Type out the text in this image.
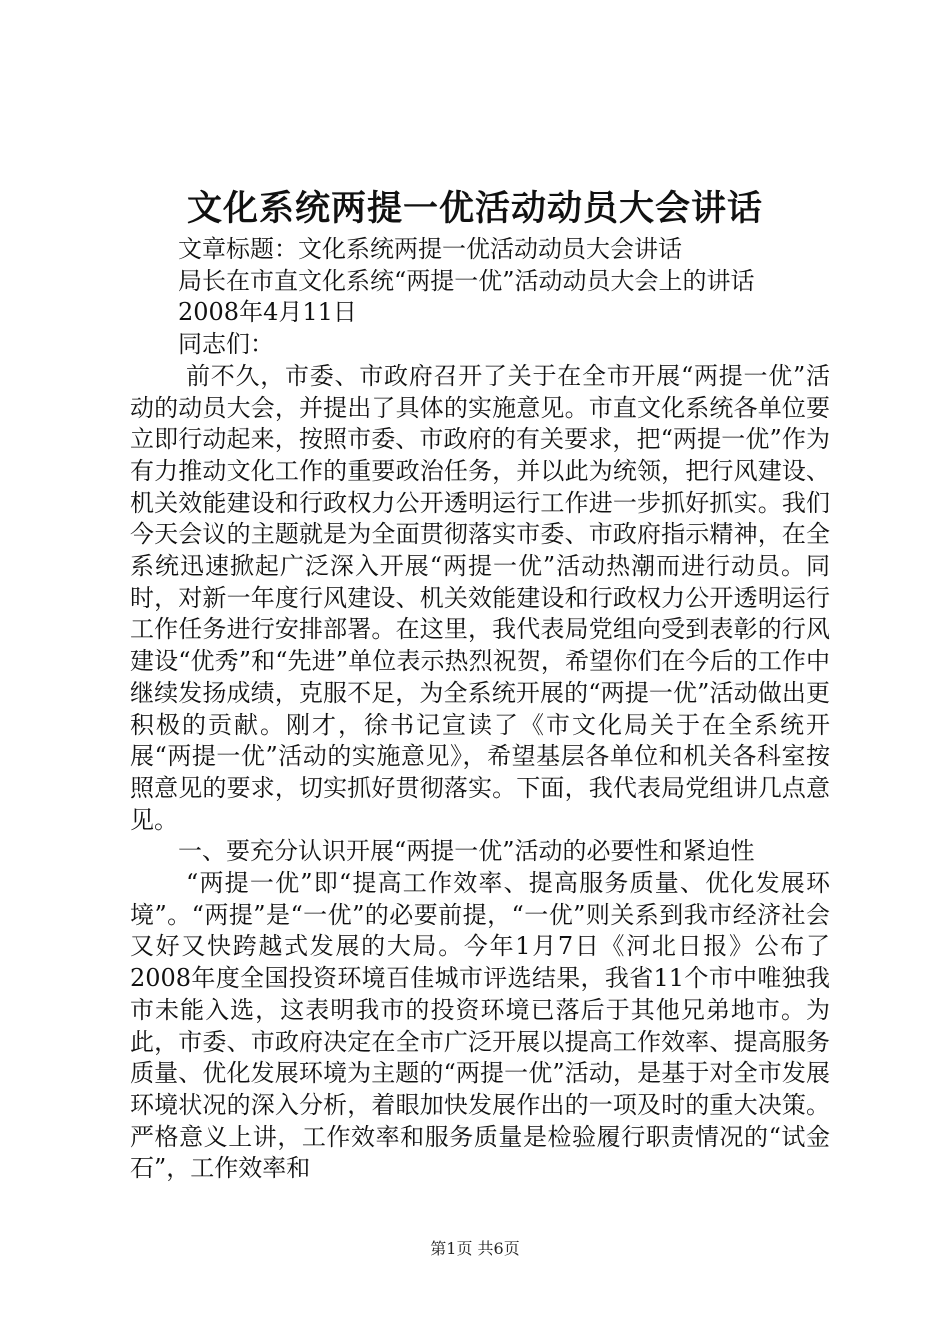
文化系统两提一优活动动员大会讲话

文章标题：文化系统两提一优活动动员大会讲话

局长在市直文化系统“两提一优”活动动员大会上的讲话

2008年4月11日

同志们：

前不久，市委、市政府召开了关于在全市开展“两提一优”活动的动员大会，并提出了具体的实施意见。市直文化系统各单位要立即行动起来，按照市委、市政府的有关要求，把“两提一优”作为有力推动文化工作的重要政治任务，并以此为统领，把行风建设、机关效能建设和行政权力公开透明运行工作进一步抓好抓实。我们今天会议的主题就是为全面贯彻落实市委、市政府指示精神，在全系统迅速掀起广泛深入开展“两提一优”活动热潮而进行动员。同时，对新一年度行风建设、机关效能建设和行政权力公开透明运行工作任务进行安排部署。在这里，我代表局党组向受到表彰的行风建设“优秀”和“先进”单位表示热烈祝贺，希望你们在今后的工作中继续发扬成绩，克服不足，为全系统开展的“两提一优”活动做出更积极的贡献。刚才，徐书记宣读了《市文化局关于在全系统开展“两提一优”活动的实施意见》，希望基层各单位和机关各科室按照意见的要求，切实抓好贯彻落实。下面，我代表局党组讲几点意见。

一、要充分认识开展“两提一优”活动的必要性和紧迫性

“两提一优”即“提高工作效率、提高服务质量、优化发展环境”。“两提”是“一优”的必要前提，“一优”则关系到我市经济社会又好又快跨越式发展的大局。今年1月7日《河北日报》公布了2008年度全国投资环境百佳城市评选结果，我省11个市中唯独我市未能入选，这表明我市的投资环境已落后于其他兄弟地市。为此，市委、市政府决定在全市广泛开展以提高工作效率、提高服务质量、优化发展环境为主题的“两提一优”活动，是基于对全市发展环境状况的深入分析，着眼加快发展作出的一项及时的重大决策。严格意义上讲，工作效率和服务质量是检验履行职责情况的“试金石”，工作效率和

第1页 共6页
